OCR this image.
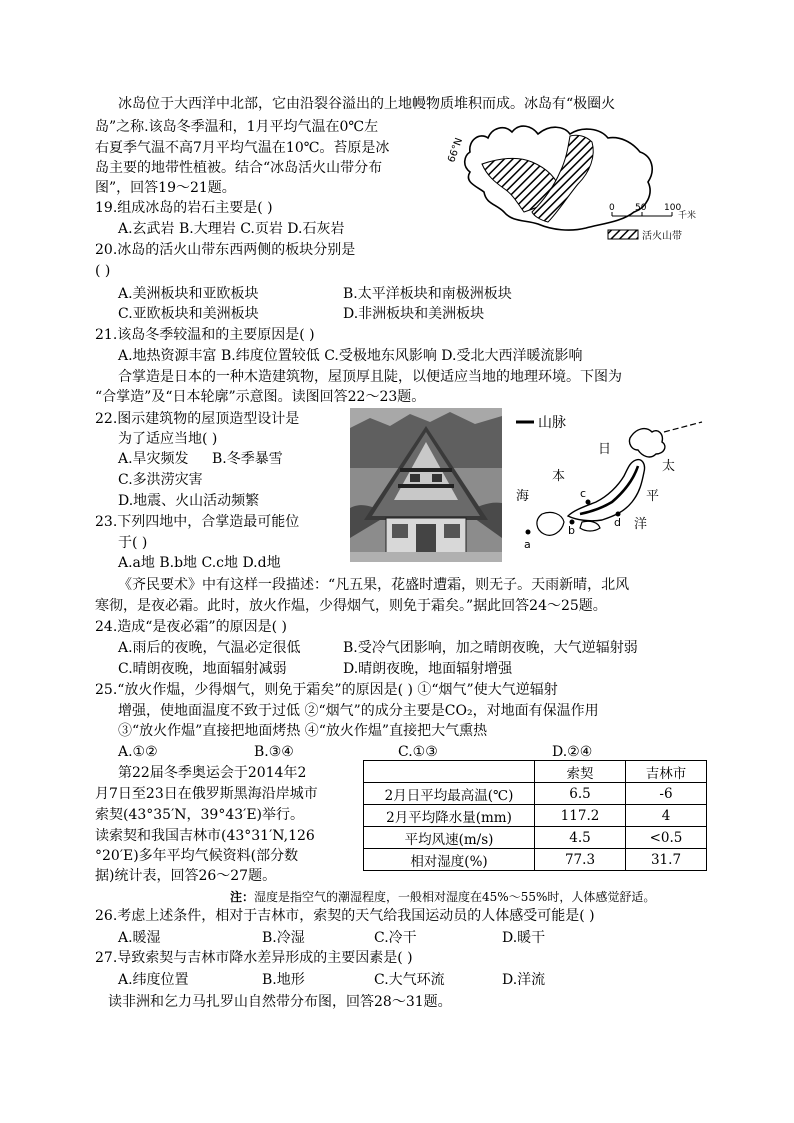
冰岛位于大西洋中北部，它由沿裂谷溢出的上地幔物质堆积而成。冰岛有“极圈火
岛”之称.该岛冬季温和，1月平均气温在0℃左
右夏季气温不高7月平均气温在10℃。苔原是冰
岛主要的地带性植被。结合“冰岛活火山带分布
图”，回答19～21题。
66°N
0 50 100
千米
活火山带
19.组成冰岛的岩石主要是( )
A.玄武岩 B.大理岩 C.页岩 D.石灰岩
20.冰岛的活火山带东西两侧的板块分别是
( )
A.美洲板块和亚欧板块	B.太平洋板块和南极洲板块
C.亚欧板块和美洲板块	D.非洲板块和美洲板块
21.该岛冬季较温和的主要原因是( )
A.地热资源丰富 B.纬度位置较低 C.受极地东风影响 D.受北大西洋暖流影响
合掌造是日本的一种木造建筑物，屋顶厚且陡，以便适应当地的地理环境。下图为
“合掌造”及“日本轮廓”示意图。读图回答22～23题。
22.图示建筑物的屋顶造型设计是
为了适应当地( )
A.旱灾频发 B.冬季暴雪
C.多洪涝灾害
D.地震、火山活动频繁
23.下列四地中，合掌造最可能位
于( )
A.a地 B.b地 C.c地 D.d地
山脉
a
b
c
d
日
本
海
太
平
洋
《齐民要术》中有这样一段描述：“凡五果，花盛时遭霜，则无子。天雨新晴，北风
寒彻，是夜必霜。此时，放火作煴，少得烟气，则免于霜矣。”据此回答24～25题。
24.造成“是夜必霜”的原因是( )
A.雨后的夜晚，气温必定很低	B.受冷气团影响，加之晴朗夜晚，大气逆辐射弱
C.晴朗夜晚，地面辐射减弱	D.晴朗夜晚，地面辐射增强
25.“放火作煴，少得烟气，则免于霜矣”的原因是( ) ①“烟气”使大气逆辐射
增强，使地面温度不致于过低 ②“烟气”的成分主要是CO₂，对地面有保温作用
③“放火作煴”直接把地面烤热 ④“放火作煴”直接把大气熏热
A.①②	B.③④	C.①③	D.②④
第22届冬季奥运会于2014年2
月7日至23日在俄罗斯黑海沿岸城市
索契(43°35′N，39°43′E)举行。
读索契和我国吉林市(43°31′N,126
°20′E)多年平均气候资料(部分数
据)统计表，回答26～27题。
	索契	吉林市
2月日平均最高温(℃)	6.5	-6
2月平均降水量(mm)	117.2	4
平均风速(m/s)	4.5	<0.5
相对湿度(%)	77.3	31.7
注：湿度是指空气的潮湿程度，一般相对湿度在45%～55%时，人体感觉舒适。
26.考虑上述条件，相对于吉林市，索契的天气给我国运动员的人体感受可能是( )
A.暖湿	B.冷湿	C.冷干	D.暖干
27.导致索契与吉林市降水差异形成的主要因素是( )
A.纬度位置	B.地形	C.大气环流	D.洋流
读非洲和乞力马扎罗山自然带分布图，回答28～31题。
